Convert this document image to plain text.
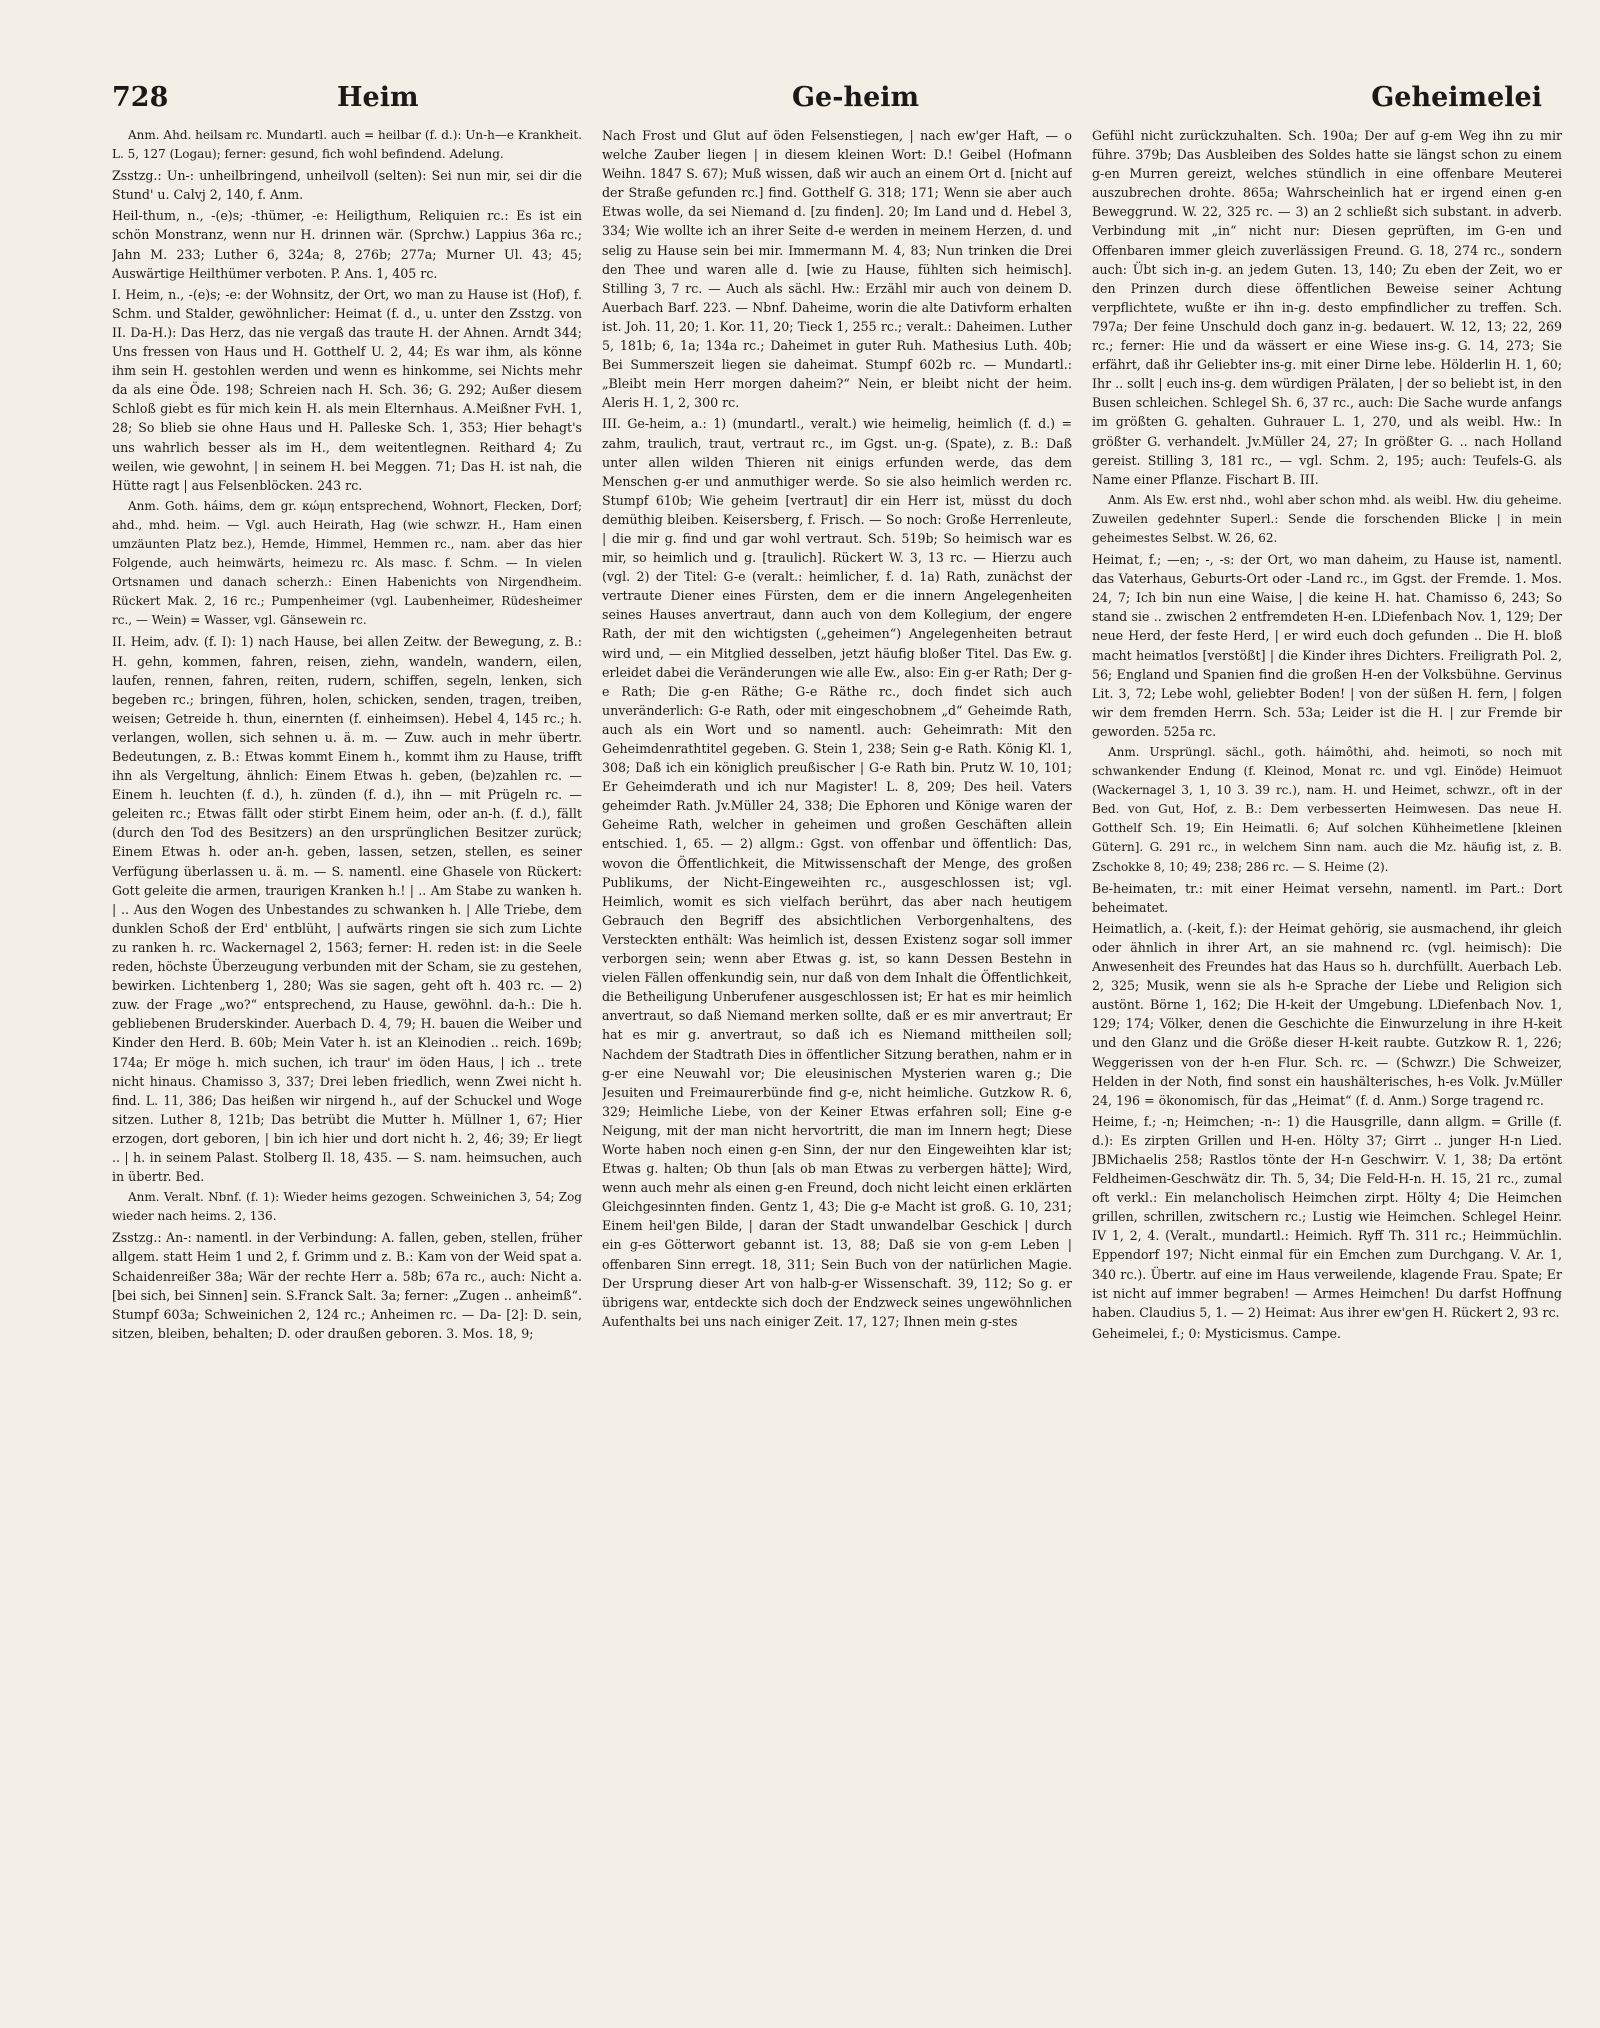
728	Heim	Ge-heim	Geheimelei

Anm. Ahd. heilsam rc. Mundartl. auch = heilbar (f. d.): Un-h—e Krankheit. L. 5, 127 (Logau); ferner: gesund, fich wohl befindend. Adelung.

Zsstzg.: Un-: unheilbringend, unheilvoll (selten): Sei nun mir, sei dir die Stund' u. Calvj 2, 140, f. Anm.

Heil-thum, n., -(e)s; -thümer, -e: Heiligthum, Reliquien rc.: Es ist ein schön Monstranz, wenn nur H. drinnen wär. (Sprchw.) Lappius 36a rc.; Jahn M. 233; Luther 6, 324a; 8, 276b; 277a; Murner Ul. 43; 45; Auswärtige Heilthümer verboten. P. Ans. 1, 405 rc.

I. Heim, n., -(e)s; -e: der Wohnsitz, der Ort, wo man zu Hause ist (Hof), f. Schm. und Stalder, gewöhnlicher: Heimat (f. d., u. unter den Zsstzg. von II. Da-H.): Das Herz, das nie vergaß das traute H. der Ahnen. Arndt 344; Uns fressen von Haus und H. Gotthelf U. 2, 44; Es war ihm, als könne ihm sein H. gestohlen werden und wenn es hinkomme, sei Nichts mehr da als eine Öde. 198; Schreien nach H. Sch. 36; G. 292; Außer diesem Schloß giebt es für mich kein H. als mein Elternhaus. A.Meißner FvH. 1, 28; So blieb sie ohne Haus und H. Palleske Sch. 1, 353; Hier behagt's uns wahrlich besser als im H., dem weitentlegnen. Reithard 4; Zu weilen, wie gewohnt, | in seinem H. bei Meggen. 71; Das H. ist nah, die Hütte ragt | aus Felsenblöcken. 243 rc.

Anm. Goth. háims, dem gr. κώμη entsprechend, Wohnort, Flecken, Dorf; ahd., mhd. heim. — Vgl. auch Heirath, Hag (wie schwzr. H., Ham einen umzäunten Platz bez.), Hemde, Himmel, Hemmen rc., nam. aber das hier Folgende, auch heimwärts, heimezu rc. Als masc. f. Schm. — In vielen Ortsnamen und danach scherzh.: Einen Habenichts von Nirgendheim. Rückert Mak. 2, 16 rc.; Pumpenheimer (vgl. Laubenheimer, Rüdesheimer rc., — Wein) = Wasser, vgl. Gänsewein rc.

II. Heim, adv. (f. I): 1) nach Hause, bei allen Zeitw. der Bewegung, z. B.: H. gehn, kommen, fahren, reisen, ziehn, wandeln, wandern, eilen, laufen, rennen, fahren, reiten, rudern, schiffen, segeln, lenken, sich begeben rc.; bringen, führen, holen, schicken, senden, tragen, treiben, weisen; Getreide h. thun, einernten (f. einheimsen). Hebel 4, 145 rc.; h. verlangen, wollen, sich sehnen u. ä. m. — Zuw. auch in mehr übertr. Bedeutungen, z. B.: Etwas kommt Einem h., kommt ihm zu Hause, trifft ihn als Vergeltung, ähnlich: Einem Etwas h. geben, (be)zahlen rc. — Einem h. leuchten (f. d.), h. zünden (f. d.), ihn — mit Prügeln rc. — geleiten rc.; Etwas fällt oder stirbt Einem heim, oder an-h. (f. d.), fällt (durch den Tod des Besitzers) an den ursprünglichen Besitzer zurück; Einem Etwas h. oder an-h. geben, lassen, setzen, stellen, es seiner Verfügung überlassen u. ä. m. — S. namentl. eine Ghasele von Rückert: Gott geleite die armen, traurigen Kranken h.! | .. Am Stabe zu wanken h. | .. Aus den Wogen des Unbestandes zu schwanken h. | Alle Triebe, dem dunklen Schoß der Erd' entblüht, | aufwärts ringen sie sich zum Lichte zu ranken h. rc. Wackernagel 2, 1563; ferner: H. reden ist: in die Seele reden, höchste Überzeugung verbunden mit der Scham, sie zu gestehen, bewirken. Lichtenberg 1, 280; Was sie sagen, geht oft h. 403 rc. — 2) zuw. der Frage „wo?“ entsprechend, zu Hause, gewöhnl. da-h.: Die h. gebliebenen Bruderskinder. Auerbach D. 4, 79; H. bauen die Weiber und Kinder den Herd. B. 60b; Mein Vater h. ist an Kleinodien .. reich. 169b; 174a; Er möge h. mich suchen, ich traur' im öden Haus, | ich .. trete nicht hinaus. Chamisso 3, 337; Drei leben friedlich, wenn Zwei nicht h. find. L. 11, 386; Das heißen wir nirgend h., auf der Schuckel und Woge sitzen. Luther 8, 121b; Das betrübt die Mutter h. Müllner 1, 67; Hier erzogen, dort geboren, | bin ich hier und dort nicht h. 2, 46; 39; Er liegt .. | h. in seinem Palast. Stolberg Il. 18, 435. — S. nam. heimsuchen, auch in übertr. Bed.

Anm. Veralt. Nbnf. (f. 1): Wieder heims gezogen. Schweinichen 3, 54; Zog wieder nach heims. 2, 136.

Zsstzg.: An-: namentl. in der Verbindung: A. fallen, geben, stellen, früher allgem. statt Heim 1 und 2, f. Grimm und z. B.: Kam von der Weid spat a. Schaidenreißer 38a; Wär der rechte Herr a. 58b; 67a rc., auch: Nicht a. [bei sich, bei Sinnen] sein. S.Franck Salt. 3a; ferner: „Zugen .. anheimß“. Stumpf 603a; Schweinichen 2, 124 rc.; Anheimen rc. — Da- [2]: D. sein, sitzen, bleiben, behalten; D. oder draußen geboren. 3. Mos. 18, 9;

Nach Frost und Glut auf öden Felsenstiegen, | nach ew'ger Haft, — o welche Zauber liegen | in diesem kleinen Wort: D.! Geibel (Hofmann Weihn. 1847 S. 67); Muß wissen, daß wir auch an einem Ort d. [nicht auf der Straße gefunden rc.] find. Gotthelf G. 318; 171; Wenn sie aber auch Etwas wolle, da sei Niemand d. [zu finden]. 20; Im Land und d. Hebel 3, 334; Wie wollte ich an ihrer Seite d-e werden in meinem Herzen, d. und selig zu Hause sein bei mir. Immermann M. 4, 83; Nun trinken die Drei den Thee und waren alle d. [wie zu Hause, fühlten sich heimisch]. Stilling 3, 7 rc. — Auch als sächl. Hw.: Erzähl mir auch von deinem D. Auerbach Barf. 223. — Nbnf. Daheime, worin die alte Dativform erhalten ist. Joh. 11, 20; 1. Kor. 11, 20; Tieck 1, 255 rc.; veralt.: Daheimen. Luther 5, 181b; 6, 1a; 134a rc.; Daheimet in guter Ruh. Mathesius Luth. 40b; Bei Summerszeit liegen sie daheimat. Stumpf 602b rc. — Mundartl.: „Bleibt mein Herr morgen daheim?“ Nein, er bleibt nicht der heim. Aleris H. 1, 2, 300 rc.

III. Ge-heim, a.: 1) (mundartl., veralt.) wie heimelig, heimlich (f. d.) = zahm, traulich, traut, vertraut rc., im Ggst. un-g. (Spate), z. B.: Daß unter allen wilden Thieren nit einigs erfunden werde, das dem Menschen g-er und anmuthiger werde. So sie also heimlich werden rc. Stumpf 610b; Wie geheim [vertraut] dir ein Herr ist, müsst du doch demüthig bleiben. Keisersberg, f. Frisch. — So noch: Große Herrenleute, | die mir g. find und gar wohl vertraut. Sch. 519b; So heimisch war es mir, so heimlich und g. [traulich]. Rückert W. 3, 13 rc. — Hierzu auch (vgl. 2) der Titel: G-e (veralt.: heimlicher, f. d. 1a) Rath, zunächst der vertraute Diener eines Fürsten, dem er die innern Angelegenheiten seines Hauses anvertraut, dann auch von dem Kollegium, der engere Rath, der mit den wichtigsten („geheimen“) Angelegenheiten betraut wird und, — ein Mitglied desselben, jetzt häufig bloßer Titel. Das Ew. g. erleidet dabei die Veränderungen wie alle Ew., also: Ein g-er Rath; Der g-e Rath; Die g-en Räthe; G-e Räthe rc., doch findet sich auch unveränderlich: G-e Rath, oder mit eingeschobnem „d“ Geheimde Rath, auch als ein Wort und so namentl. auch: Geheimrath: Mit den Geheimdenrathtitel gegeben. G. Stein 1, 238; Sein g-e Rath. König Kl. 1, 308; Daß ich ein königlich preußischer | G-e Rath bin. Prutz W. 10, 101; Er Geheimderath und ich nur Magister! L. 8, 209; Des heil. Vaters geheimder Rath. Jv.Müller 24, 338; Die Ephoren und Könige waren der Geheime Rath, welcher in geheimen und großen Geschäften allein entschied. 1, 65. — 2) allgm.: Ggst. von offenbar und öffentlich: Das, wovon die Öffentlichkeit, die Mitwissenschaft der Menge, des großen Publikums, der Nicht-Eingeweihten rc., ausgeschlossen ist; vgl. Heimlich, womit es sich vielfach berührt, das aber nach heutigem Gebrauch den Begriff des absichtlichen Verborgenhaltens, des Versteckten enthält: Was heimlich ist, dessen Existenz sogar soll immer verborgen sein; wenn aber Etwas g. ist, so kann Dessen Bestehn in vielen Fällen offenkundig sein, nur daß von dem Inhalt die Öffentlichkeit, die Betheiligung Unberufener ausgeschlossen ist; Er hat es mir heimlich anvertraut, so daß Niemand merken sollte, daß er es mir anvertraut; Er hat es mir g. anvertraut, so daß ich es Niemand mittheilen soll; Nachdem der Stadtrath Dies in öffentlicher Sitzung berathen, nahm er in g-er eine Neuwahl vor; Die eleusinischen Mysterien waren g.; Die Jesuiten und Freimaurerbünde find g-e, nicht heimliche. Gutzkow R. 6, 329; Heimliche Liebe, von der Keiner Etwas erfahren soll; Eine g-e Neigung, mit der man nicht hervortritt, die man im Innern hegt; Diese Worte haben noch einen g-en Sinn, der nur den Eingeweihten klar ist; Etwas g. halten; Ob thun [als ob man Etwas zu verbergen hätte]; Wird, wenn auch mehr als einen g-en Freund, doch nicht leicht einen erklärten Gleichgesinnten finden. Gentz 1, 43; Die g-e Macht ist groß. G. 10, 231; Einem heil'gen Bilde, | daran der Stadt unwandelbar Geschick | durch ein g-es Götterwort gebannt ist. 13, 88; Daß sie von g-em Leben | offenbaren Sinn erregt. 18, 311; Sein Buch von der natürlichen Magie. Der Ursprung dieser Art von halb-g-er Wissenschaft. 39, 112; So g. er übrigens war, entdeckte sich doch der Endzweck seines ungewöhnlichen Aufenthalts bei uns nach einiger Zeit. 17, 127; Ihnen mein g-stes

Gefühl nicht zurückzuhalten. Sch. 190a; Der auf g-em Weg ihn zu mir führe. 379b; Das Ausbleiben des Soldes hatte sie längst schon zu einem g-en Murren gereizt, welches stündlich in eine offenbare Meuterei auszubrechen drohte. 865a; Wahrscheinlich hat er irgend einen g-en Beweggrund. W. 22, 325 rc. — 3) an 2 schließt sich substant. in adverb. Verbindung mit „in“ nicht nur: Diesen geprüften, im G-en und Offenbaren immer gleich zuverlässigen Freund. G. 18, 274 rc., sondern auch: Übt sich in-g. an jedem Guten. 13, 140; Zu eben der Zeit, wo er den Prinzen durch diese öffentlichen Beweise seiner Achtung verpflichtete, wußte er ihn in-g. desto empfindlicher zu treffen. Sch. 797a; Der feine Unschuld doch ganz in-g. bedauert. W. 12, 13; 22, 269 rc.; ferner: Hie und da wässert er eine Wiese ins-g. G. 14, 273; Sie erfährt, daß ihr Geliebter ins-g. mit einer Dirne lebe. Hölderlin H. 1, 60; Ihr .. sollt | euch ins-g. dem würdigen Prälaten, | der so beliebt ist, in den Busen schleichen. Schlegel Sh. 6, 37 rc., auch: Die Sache wurde anfangs im größten G. gehalten. Guhrauer L. 1, 270, und als weibl. Hw.: In größter G. verhandelt. Jv.Müller 24, 27; In größter G. .. nach Holland gereist. Stilling 3, 181 rc., — vgl. Schm. 2, 195; auch: Teufels-G. als Name einer Pflanze. Fischart B. III.

Anm. Als Ew. erst nhd., wohl aber schon mhd. als weibl. Hw. diu geheime. Zuweilen gedehnter Superl.: Sende die forschenden Blicke | in mein geheimestes Selbst. W. 26, 62.

Heimat, f.; —en; -, -s: der Ort, wo man daheim, zu Hause ist, namentl. das Vaterhaus, Geburts-Ort oder -Land rc., im Ggst. der Fremde. 1. Mos. 24, 7; Ich bin nun eine Waise, | die keine H. hat. Chamisso 6, 243; So stand sie .. zwischen 2 entfremdeten H-en. LDiefenbach Nov. 1, 129; Der neue Herd, der feste Herd, | er wird euch doch gefunden .. Die H. bloß macht heimatlos [verstößt] | die Kinder ihres Dichters. Freiligrath Pol. 2, 56; England und Spanien find die großen H-en der Volksbühne. Gervinus Lit. 3, 72; Lebe wohl, geliebter Boden! | von der süßen H. fern, | folgen wir dem fremden Herrn. Sch. 53a; Leider ist die H. | zur Fremde bir geworden. 525a rc.

Anm. Ursprüngl. sächl., goth. háimôthi, ahd. heimoti, so noch mit schwankender Endung (f. Kleinod, Monat rc. und vgl. Einöde) Heimuot (Wackernagel 3, 1, 10 3. 39 rc.), nam. H. und Heimet, schwzr., oft in der Bed. von Gut, Hof, z. B.: Dem verbesserten Heimwesen. Das neue H. Gotthelf Sch. 19; Ein Heimatli. 6; Auf solchen Kühheimetlene [kleinen Gütern]. G. 291 rc., in welchem Sinn nam. auch die Mz. häufig ist, z. B. Zschokke 8, 10; 49; 238; 286 rc. — S. Heime (2).

Be-heimaten, tr.: mit einer Heimat versehn, namentl. im Part.: Dort beheimatet.

Heimatlich, a. (-keit, f.): der Heimat gehörig, sie ausmachend, ihr gleich oder ähnlich in ihrer Art, an sie mahnend rc. (vgl. heimisch): Die Anwesenheit des Freundes hat das Haus so h. durchfüllt. Auerbach Leb. 2, 325; Musik, wenn sie als h-e Sprache der Liebe und Religion sich austönt. Börne 1, 162; Die H-keit der Umgebung. LDiefenbach Nov. 1, 129; 174; Völker, denen die Geschichte die Einwurzelung in ihre H-keit und den Glanz und die Größe dieser H-keit raubte. Gutzkow R. 1, 226; Weggerissen von der h-en Flur. Sch. rc. — (Schwzr.) Die Schweizer, Helden in der Noth, find sonst ein haushälterisches, h-es Volk. Jv.Müller 24, 196 = ökonomisch, für das „Heimat“ (f. d. Anm.) Sorge tragend rc.

Heime, f.; -n; Heimchen; -n-: 1) die Hausgrille, dann allgm. = Grille (f. d.): Es zirpten Grillen und H-en. Hölty 37; Girrt .. junger H-n Lied. JBMichaelis 258; Rastlos tönte der H-n Geschwirr. V. 1, 38; Da ertönt Feldheimen-Geschwätz dir. Th. 5, 34; Die Feld-H-n. H. 15, 21 rc., zumal oft verkl.: Ein melancholisch Heimchen zirpt. Hölty 4; Die Heimchen grillen, schrillen, zwitschern rc.; Lustig wie Heimchen. Schlegel Heinr. IV 1, 2, 4. (Veralt., mundartl.: Heimich. Ryff Th. 311 rc.; Heimmüchlin. Eppendorf 197; Nicht einmal für ein Emchen zum Durchgang. V. Ar. 1, 340 rc.). Übertr. auf eine im Haus verweilende, klagende Frau. Spate; Er ist nicht auf immer begraben! — Armes Heimchen! Du darfst Hoffnung haben. Claudius 5, 1. — 2) Heimat: Aus ihrer ew'gen H. Rückert 2, 93 rc.

Geheimelei, f.; 0: Mysticismus. Campe.
